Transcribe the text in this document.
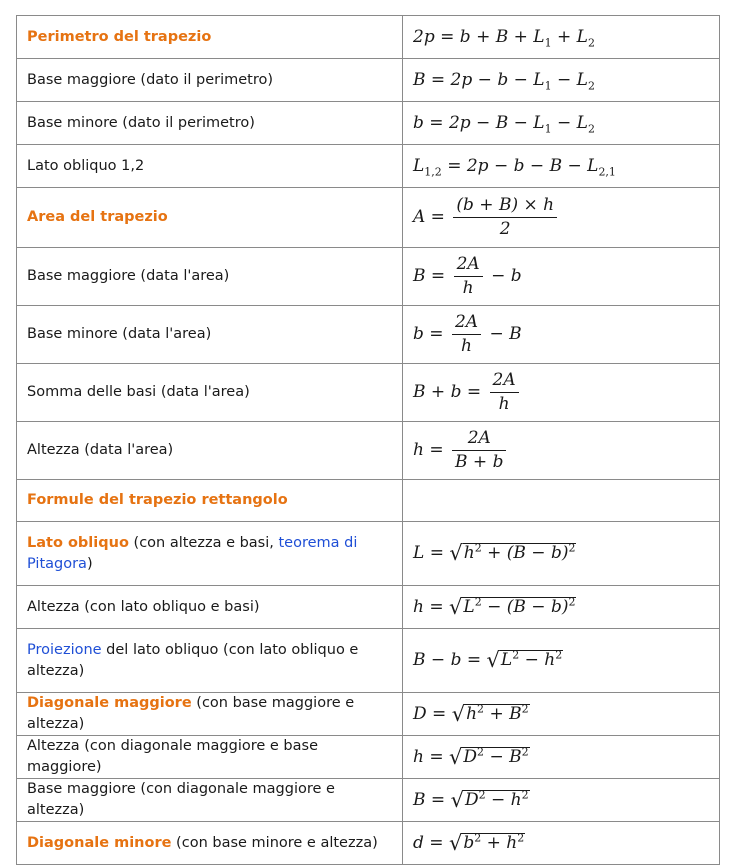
Perimetro del trapezio	$2p = b + B + L_1 + L_2$
Base maggiore (dato il perimetro)	$B = 2p - b - L_1 - L_2$
Base minore (dato il perimetro)	$b = 2p - B - L_1 - L_2$
Lato obliquo 1,2	$L_{1,2} = 2p - b - B - L_{2,1}$
Area del trapezio	$A = \frac{(b + B) \times h}{2}$

Base maggiore (data l'area)	$B = \frac{2A}{h} - b$
Base minore (data l'area)	$b = \frac{2A}{h} - B$
Somma delle basi (data l'area)	$B + b = \frac{2A}{h}$

Altezza (data l'area)	$h = \frac{2A}{B + b}$

Formule del trapezio rettangolo	
Lato obliquo (con altezza e basi, teorema di Pitagora)	$L = √h^2 + (B - b)^2$
Altezza (con lato obliquo e basi)	$h = √L^2 - (B - b)^2$
Proiezione del lato obliquo (con lato obliquo e altezza)	$B - b = √L^2 - h^2$
Diagonale maggiore (con base maggiore e altezza)	$D = √h^2 + B^2$
Altezza (con diagonale maggiore e base maggiore)	$h = √D^2 - B^2$
Base maggiore (con diagonale maggiore e altezza)	$B = √D^2 - h^2$
Diagonale minore (con base minore e altezza)	$d = √b^2 + h^2$
